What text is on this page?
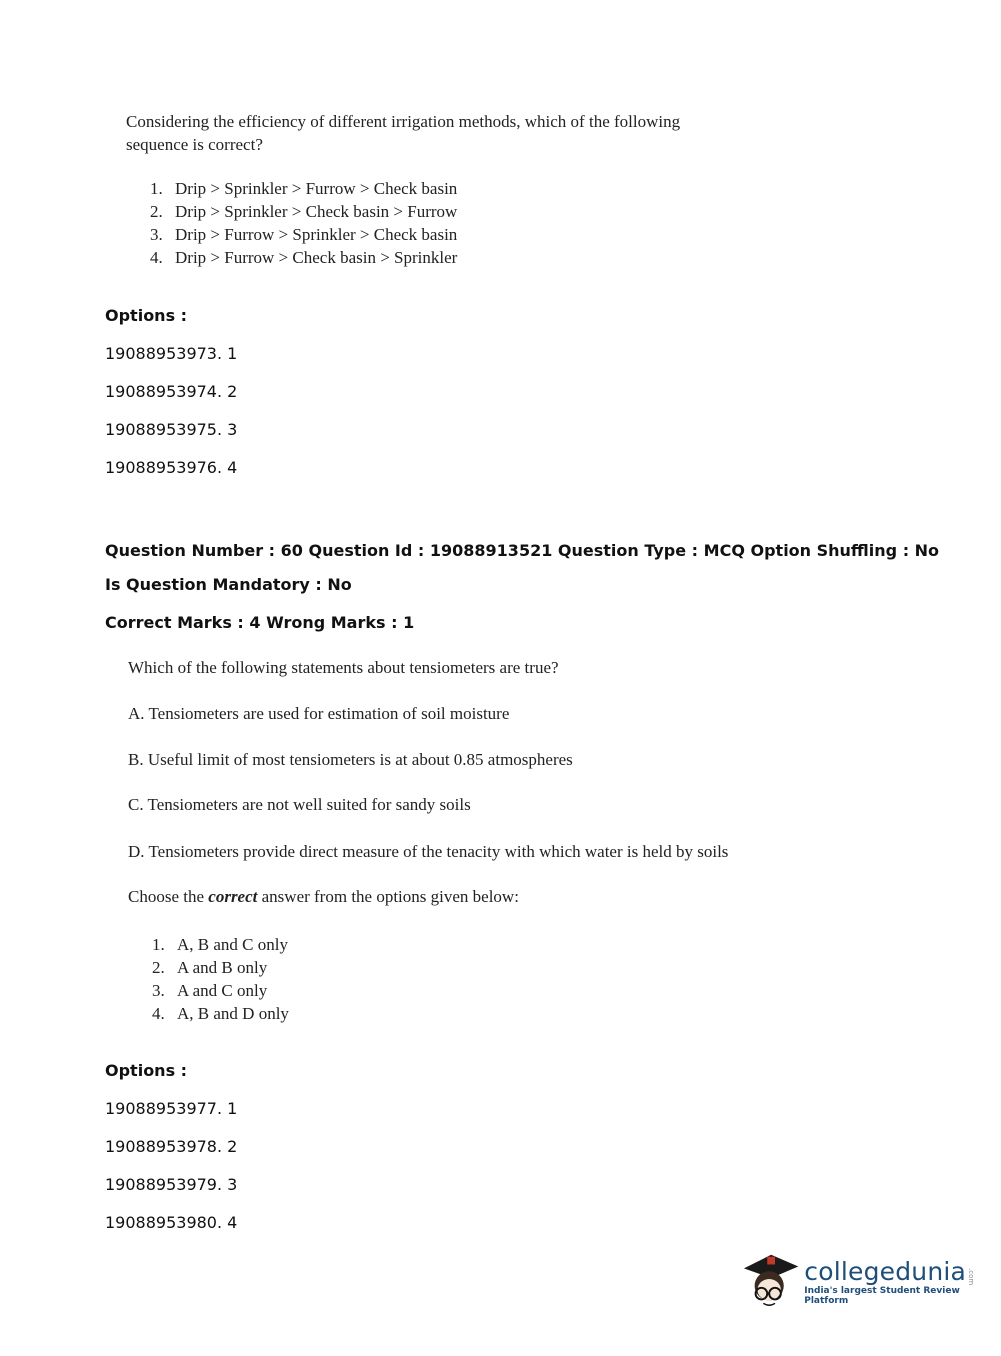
Considering the efficiency of different irrigation methods, which of the following sequence is correct?
1. Drip > Sprinkler > Furrow > Check basin
2. Drip > Sprinkler > Check basin > Furrow
3. Drip > Furrow > Sprinkler > Check basin
4. Drip > Furrow > Check basin > Sprinkler
Options :
19088953973. 1
19088953974. 2
19088953975. 3
19088953976. 4
Question Number : 60 Question Id : 19088913521 Question Type : MCQ Option Shuffling : No
Is Question Mandatory : No
Correct Marks : 4 Wrong Marks : 1
Which of the following statements about tensiometers are true?
A. Tensiometers are used for estimation of soil moisture
B. Useful limit of most tensiometers is at about 0.85 atmospheres
C. Tensiometers are not well suited for sandy soils
D. Tensiometers provide direct measure of the tenacity with which water is held by soils
Choose the correct answer from the options given below:
1. A, B and C only
2. A and B only
3. A and C only
4. A, B and D only
Options :
19088953977. 1
19088953978. 2
19088953979. 3
19088953980. 4
collegedunia .com
India's largest Student Review Platform
